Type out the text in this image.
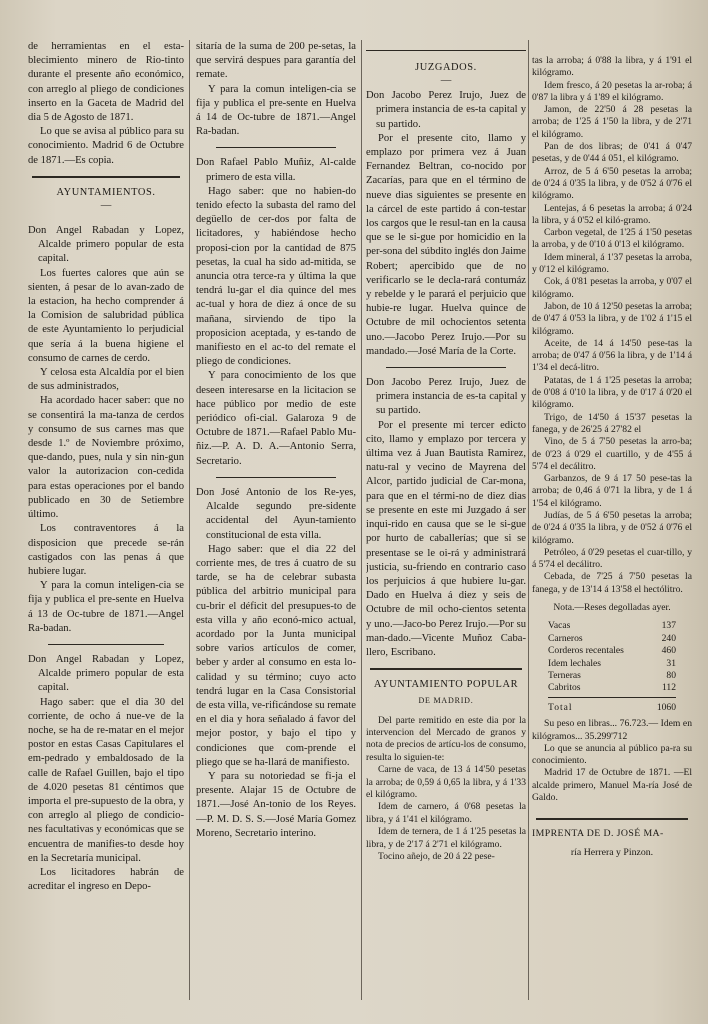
de herramientas en el esta-blecimiento minero de Rio-tinto durante el presente año económico, con arreglo al pliego de condiciones inserto en la Gaceta de Madrid del dia 5 de Agosto de 1871.

Lo que se avisa al público para su conocimiento. Madrid 6 de Octubre de 1871.—Es copia.

AYUNTAMIENTOS.

—

Don Angel Rabadan y Lopez, Alcalde primero popular de esta capital.

Los fuertes calores que aún se sienten, á pesar de lo avan-zado de la estacion, ha hecho comprender á la Comision de salubridad pública de este Ayuntamiento lo perjudicial que sería á la buena higiene el consumo de carnes de cerdo.

Y celosa esta Alcaldía por el bien de sus administrados,

Ha acordado hacer saber: que no se consentirá la ma-tanza de cerdos y consumo de sus carnes mas que desde 1.º de Noviembre próximo, que-dando, pues, nula y sin nin-gun valor la autorizacion con-cedida para estas operaciones por el bando publicado en 30 de Setiembre último.

Los contraventores á la disposicion que precede se-rán castigados con las penas á que hubiere lugar.

Y para la comun inteligen-cia se fija y publica el pre-sente en Huelva á 13 de Oc-tubre de 1871.—Angel Ra-badan.

Don Angel Rabadan y Lopez, Alcalde primero popular de esta capital.

Hago saber: que el dia 30 del corriente, de ocho á nue-ve de la noche, se ha de re-matar en el mejor postor en estas Casas Capitulares el em-pedrado y embaldosado de la calle de Rafael Guillen, bajo el tipo de 4.020 pesetas 81 céntimos que importa el pre-supuesto de la obra, y con arreglo al pliego de condicio-nes facultativas y económicas que se encuentra de manifies-to desde hoy en la Secretaría municipal.

Los licitadores habrán de acreditar el ingreso en Depo-

sitaría de la suma de 200 pe-setas, la que servirá despues para garantía del remate.

Y para la comun inteligen-cia se fija y publica el pre-sente en Huelva á 14 de Oc-tubre de 1871.—Angel Ra-badan.

Don Rafael Pablo Muñiz, Al-calde primero de esta villa.

Hago saber: que no habien-do tenido efecto la subasta del ramo del degüello de cer-dos por falta de licitadores, y habiéndose hecho proposi-cion por la cantidad de 875 pesetas, la cual ha sido ad-mitida, se anuncia otra terce-ra y última la que tendrá lu-gar el dia quince del mes ac-tual y hora de diez á once de su mañana, sirviendo de tipo la proposicion aceptada, y es-tando de manifiesto en el ac-to del remate el pliego de condiciones.

Y para conocimiento de los que deseen interesarse en la licitacion se hace público por medio de este periódico ofi-cial. Galaroza 9 de Octubre de 1871.—Rafael Pablo Mu-ñiz.—P. A. D. A.—Antonio Serra, Secretario.

Don José Antonio de los Re-yes, Alcalde segundo pre-sidente accidental del Ayun-tamiento constitucional de esta villa.

Hago saber: que el dia 22 del corriente mes, de tres á cuatro de su tarde, se ha de celebrar subasta pública del arbitrio municipal para cu-brir el déficit del presupues-to de esta villa y año econó-mico actual, acordado por la Junta municipal sobre varios artículos de comer, beber y arder al consumo en esta lo-calidad y su término; cuyo acto tendrá lugar en la Casa Consistorial de esta villa, ve-rificándose su remate en el dia y hora señalado á favor del mejor postor, y bajo el tipo y condiciones que com-prende el pliego que se ha-llará de manifiesto.

Y para su notoriedad se fi-ja el presente. Alajar 15 de Octubre de 1871.—José An-tonio de los Reyes.—P. M. D. S. S.—José María Gomez Moreno, Secretario interino.

JUZGADOS.

—

Don Jacobo Perez Irujo, Juez de primera instancia de es-ta capital y su partido.

Por el presente cito, llamo y emplazo por primera vez á Juan Fernandez Beltran, co-nocido por Zacarías, para que en el término de nueve dias siguientes se presente en la cárcel de este partido á con-testar los cargos que le resul-tan en la causa que se le si-gue por homicidio en la per-sona del súbdito inglés don Jaime Robert; apercibido que de no verificarlo se le decla-rará contumáz y rebelde y le parará el perjuicio que hubie-re lugar. Huelva quince de Octubre de mil ochocientos setenta uno.—Jacobo Perez Irujo.—Por su mandado.—José María de la Corte.

Don Jacobo Perez Irujo, Juez de primera instancia de es-ta capital y su partido.

Por el presente mi tercer edicto cito, llamo y emplazo por tercera y última vez á Juan Bautista Ramirez, natu-ral y vecino de Mayrena del Alcor, partido judicial de Car-mona, para que en el térmi-no de diez dias se presente en este mi Juzgado á ser inqui-rido en causa que se le si-gue por hurto de caballerías; que si se presentase se le oi-rá y administrará justicia, su-friendo en contrario caso los perjuicios á que hubiere lu-gar. Dado en Huelva á diez y seis de Octubre de mil ocho-cientos setenta y uno.—Jaco-bo Perez Irujo.—Por su man-dado.—Vicente Muñoz Caba-llero, Escribano.

AYUNTAMIENTO POPULAR

DE MADRID.

Del parte remitido en este dia por la intervencion del Mercado de granos y nota de precios de artícu-los de consumo, resulta lo siguien-te:

Carne de vaca, de 13 á 14'50 pesetas la arroba; de 0,59 á 0,65 la libra, y á 1'33 el kilógramo.

Idem de carnero, á 0'68 pesetas la libra, y á 1'41 el kilógramo.

Idem de ternera, de 1 á 1'25 pesetas la libra, y de 2'17 á 2'71 el kilógramo.

Tocino añejo, de 20 á 22 pese-

tas la arroba; á 0'88 la libra, y á 1'91 el kilógramo.

Idem fresco, á 20 pesetas la ar-roba; á 0'87 la libra y á 1'89 el kilógramo.

Jamon, de 22'50 á 28 pesetas la arroba; de 1'25 á 1'50 la libra, y de 2'71 el kilógramo.

Pan de dos libras; de 0'41 á 0'47 pesetas, y de 0'44 á 051, el kilógramo.

Arroz, de 5 á 6'50 pesetas la arroba; de 0'24 á 0'35 la libra, y de 0'52 á 0'76 el kilógramo.

Lentejas, á 6 pesetas la arroba; á 0'24 la libra, y á 0'52 el kiló-gramo.

Carbon vegetal, de 1'25 á 1'50 pesetas la arroba, y de 0'10 á 0'13 el kilógramo.

Idem mineral, á 1'37 pesetas la arroba, y 0'12 el kilógramo.

Cok, á 0'81 pesetas la arroba, y 0'07 el kilógramo.

Jabon, de 10 á 12'50 pesetas la arroba; de 0'47 á 0'53 la libra, y de 1'02 á 1'15 el kilógramo.

Aceite, de 14 á 14'50 pese-tas la arroba; de 0'47 á 0'56 la libra, y de 1'14 á 1'34 el decá-litro.

Patatas, de 1 á 1'25 pesetas la arroba; de 0'08 á 0'10 la libra, y de 0'17 á 0'20 el kilógramo.

Trigo, de 14'50 á 15'37 pesetas la fanega, y de 26'25 á 27'82 el

Vino, de 5 á 7'50 pesetas la arro-ba; de 0'23 á 0'29 el cuartillo, y de 4'55 á 5'74 el decálitro.

Garbanzos, de 9 á 17 50 pese-tas la arroba; de 0,46 á 0'71 la libra, y de 1 á 1'54 el kilógramo.

Judías, de 5 á 6'50 pesetas la arroba; de 0'24 á 0'35 la libra, y de 0'52 á 0'76 el kilógramo.

Petróleo, á 0'29 pesetas el cuar-tillo, y á 5'74 el decálitro.

Cebada, de 7'25 á 7'50 pesetas la fanega, y de 13'14 á 13'58 el hectólitro.

Nota.—Reses degolladas ayer.

Vacas	137
Carneros	240
Corderos recentales	460
Idem lechales	31
Terneras	80
Cabritos	112
Total	1060

Su peso en libras... 76.723.— Idem en kilógramos... 35.299'712

Lo que se anuncia al público pa-ra su conocimiento.

Madrid 17 de Octubre de 1871. —El alcalde primero, Manuel Ma-ría José de Galdo.

IMPRENTA DE D. JOSÉ MA-

ría Herrera y Pinzon.
